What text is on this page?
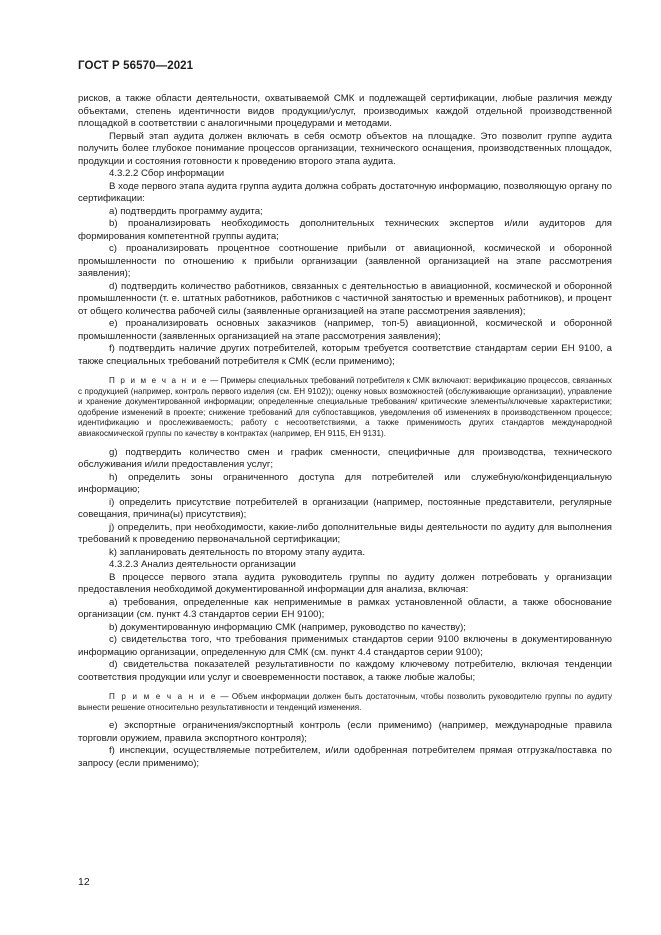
ГОСТ Р 56570—2021

рисков, а также области деятельности, охватываемой СМК и подлежащей сертификации, любые различия между объектами, степень идентичности видов продукции/услуг, производимых каждой отдельной производственной площадкой в соответствии с аналогичными процедурами и методами.

Первый этап аудита должен включать в себя осмотр объектов на площадке. Это позволит группе аудита получить более глубокое понимание процессов организации, технического оснащения, производственных площадок, продукции и состояния готовности к проведению второго этапа аудита.

4.3.2.2 Сбор информации

В ходе первого этапа аудита группа аудита должна собрать достаточную информацию, позволяющую органу по сертификации:

а) подтвердить программу аудита;

b) проанализировать необходимость дополнительных технических экспертов и/или аудиторов для формирования компетентной группы аудита;

c) проанализировать процентное соотношение прибыли от авиационной, космической и оборонной промышленности по отношению к прибыли организации (заявленной организацией на этапе рассмотрения заявления);

d) подтвердить количество работников, связанных с деятельностью в авиационной, космической и оборонной промышленности (т. е. штатных работников, работников с частичной занятостью и временных работников), и процент от общего количества рабочей силы (заявленные организацией на этапе рассмотрения заявления);

e) проанализировать основных заказчиков (например, топ-5) авиационной, космической и оборонной промышленности (заявленных организацией на этапе рассмотрения заявления);

f) подтвердить наличие других потребителей, которым требуется соответствие стандартам серии ЕН 9100, а также специальных требований потребителя к СМК (если применимо);

П р и м е ч а н и е — Примеры специальных требований потребителя к СМК включают: верификацию процессов, связанных с продукцией (например, контроль первого изделия (см. ЕН 9102)); оценку новых возможностей (обслуживающие организации), управление и хранение документированной информации; определенные специальные требования/ критические элементы/ключевые характеристики; одобрение изменений в проекте; снижение требований для субпоставщиков, уведомления об изменениях в производственном процессе; идентификацию и прослеживаемость; работу с несоответствиями, а также применимость других стандартов международной авиакосмической группы по качеству в контрактах (например, ЕН 9115, ЕН 9131).

g) подтвердить количество смен и график сменности, специфичные для производства, технического обслуживания и/или предоставления услуг;

h) определить зоны ограниченного доступа для потребителей или служебную/конфиденциальную информацию;

i) определить присутствие потребителей в организации (например, постоянные представители, регулярные совещания, причина(ы) присутствия);

j) определить, при необходимости, какие-либо дополнительные виды деятельности по аудиту для выполнения требований к проведению первоначальной сертификации;

k) запланировать деятельность по второму этапу аудита.

4.3.2.3 Анализ деятельности организации

В процессе первого этапа аудита руководитель группы по аудиту должен потребовать у организации предоставления необходимой документированной информации для анализа, включая:

а) требования, определенные как неприменимые в рамках установленной области, а также обоснование организации (см. пункт 4.3 стандартов серии ЕН 9100);

b) документированную информацию СМК (например, руководство по качеству);

c) свидетельства того, что требования применимых стандартов серии 9100 включены в документированную информацию организации, определенную для СМК (см. пункт 4.4 стандартов серии 9100);

d) свидетельства показателей результативности по каждому ключевому потребителю, включая тенденции соответствия продукции или услуг и своевременности поставок, а также любые жалобы;

П р и м е ч а н и е — Объем информации должен быть достаточным, чтобы позволить руководителю группы по аудиту вынести решение относительно результативности и тенденций изменения.

e) экспортные ограничения/экспортный контроль (если применимо) (например, международные правила торговли оружием, правила экспортного контроля);

f) инспекции, осуществляемые потребителем, и/или одобренная потребителем прямая отгрузка/поставка по запросу (если применимо);

12
